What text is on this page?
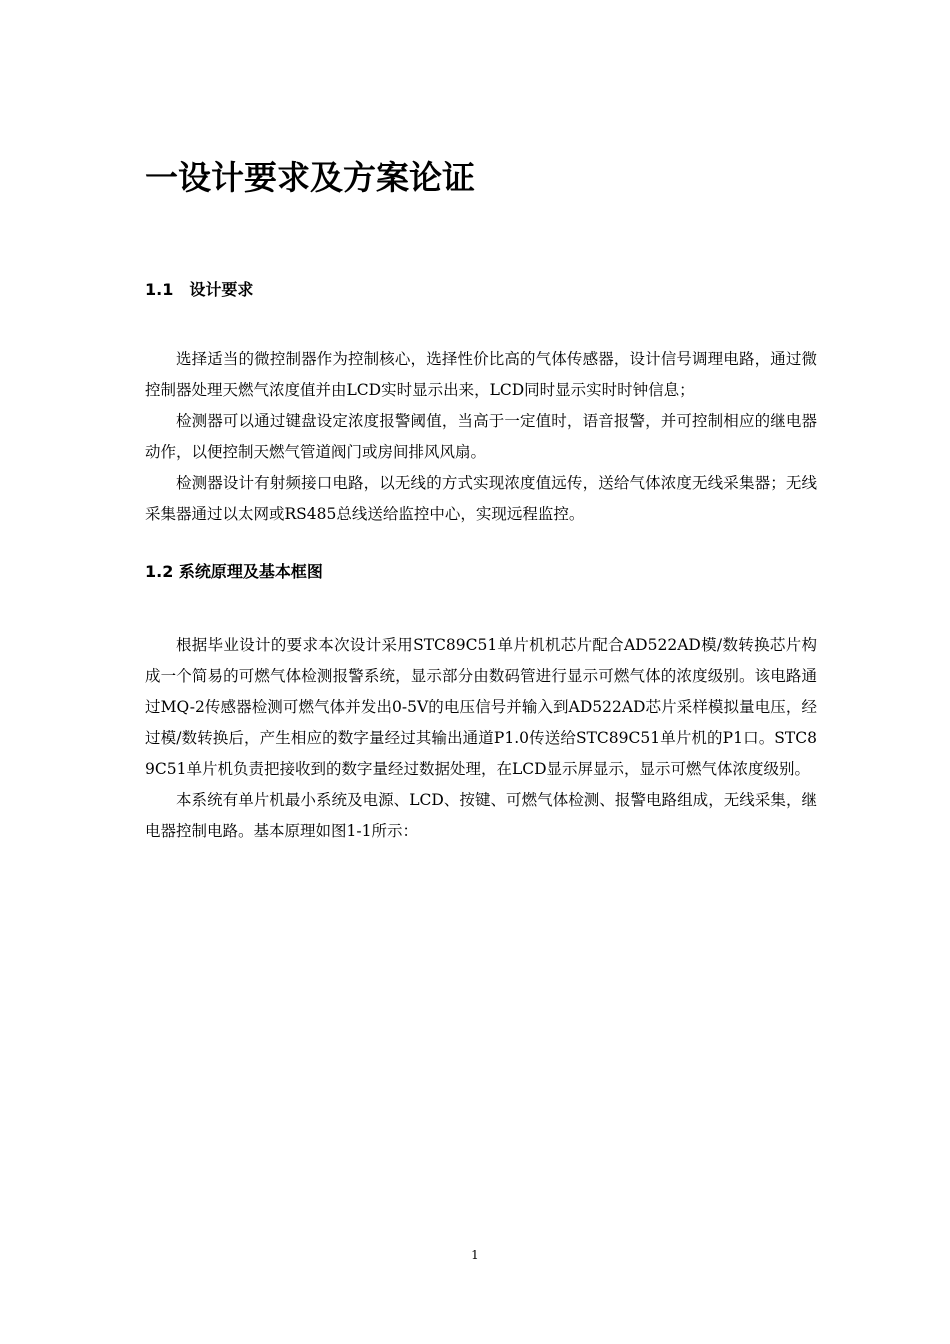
一设计要求及方案论证
1.1　设计要求

选择适当的微控制器作为控制核心，选择性价比高的气体传感器，设计信号调理电路，通过微控制器处理天燃气浓度值并由LCD实时显示出来，LCD同时显示实时时钟信息；

检测器可以通过键盘设定浓度报警阈值，当高于一定值时，语音报警，并可控制相应的继电器动作，以便控制天燃气管道阀门或房间排风风扇。

检测器设计有射频接口电路，以无线的方式实现浓度值远传，送给气体浓度无线采集器；无线采集器通过以太网或RS485总线送给监控中心，实现远程监控。

1.2 系统原理及基本框图

根据毕业设计的要求本次设计采用STC89C51单片机机芯片配合AD522AD模/数转换芯片构成一个简易的可燃气体检测报警系统，显示部分由数码管进行显示可燃气体的浓度级别。该电路通过MQ-2传感器检测可燃气体并发出0-5V的电压信号并输入到AD522AD芯片采样模拟量电压，经过模/数转换后，产生相应的数字量经过其输出通道P1.0传送给STC89C51单片机的P1口。STC89C51单片机负责把接收到的数字量经过数据处理，在LCD显示屏显示，显示可燃气体浓度级别。

本系统有单片机最小系统及电源、LCD、按键、可燃气体检测、报警电路组成，无线采集，继电器控制电路。基本原理如图1-1所示：

1
